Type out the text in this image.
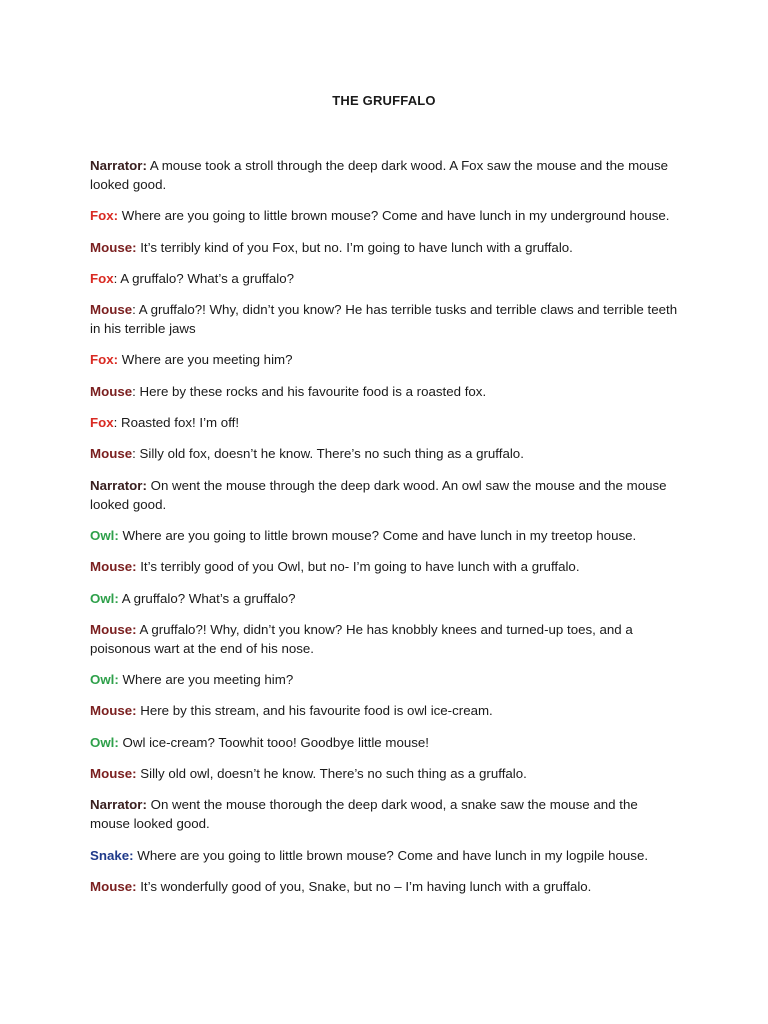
THE GRUFFALO

Narrator: A mouse took a stroll through the deep dark wood. A Fox saw the mouse and the mouse looked good.

Fox: Where are you going to little brown mouse? Come and have lunch in my underground house.

Mouse: It’s terribly kind of you Fox, but no. I’m going to have lunch with a gruffalo.

Fox: A gruffalo? What’s a gruffalo?

Mouse: A gruffalo?! Why, didn’t you know? He has terrible tusks and terrible claws and terrible teeth in his terrible jaws

Fox: Where are you meeting him?

Mouse: Here by these rocks and his favourite food is a roasted fox.

Fox: Roasted fox! I’m off!

Mouse: Silly old fox, doesn’t he know. There’s no such thing as a gruffalo.

Narrator: On went the mouse through the deep dark wood. An owl saw the mouse and the mouse looked good.

Owl: Where are you going to little brown mouse? Come and have lunch in my treetop house.

Mouse: It’s terribly good of you Owl, but no- I’m going to have lunch with a gruffalo.

Owl: A gruffalo? What’s a gruffalo?

Mouse: A gruffalo?! Why, didn’t you know? He has knobbly knees and turned-up toes, and a poisonous wart at the end of his nose.

Owl: Where are you meeting him?

Mouse: Here by this stream, and his favourite food is owl ice-cream.

Owl: Owl ice-cream? Toowhit tooo! Goodbye little mouse!

Mouse: Silly old owl, doesn’t he know. There’s no such thing as a gruffalo.

Narrator: On went the mouse thorough the deep dark wood, a snake saw the mouse and the mouse looked good.

Snake: Where are you going to little brown mouse? Come and have lunch in my logpile house.

Mouse: It’s wonderfully good of you, Snake, but no – I’m having lunch with a gruffalo.
